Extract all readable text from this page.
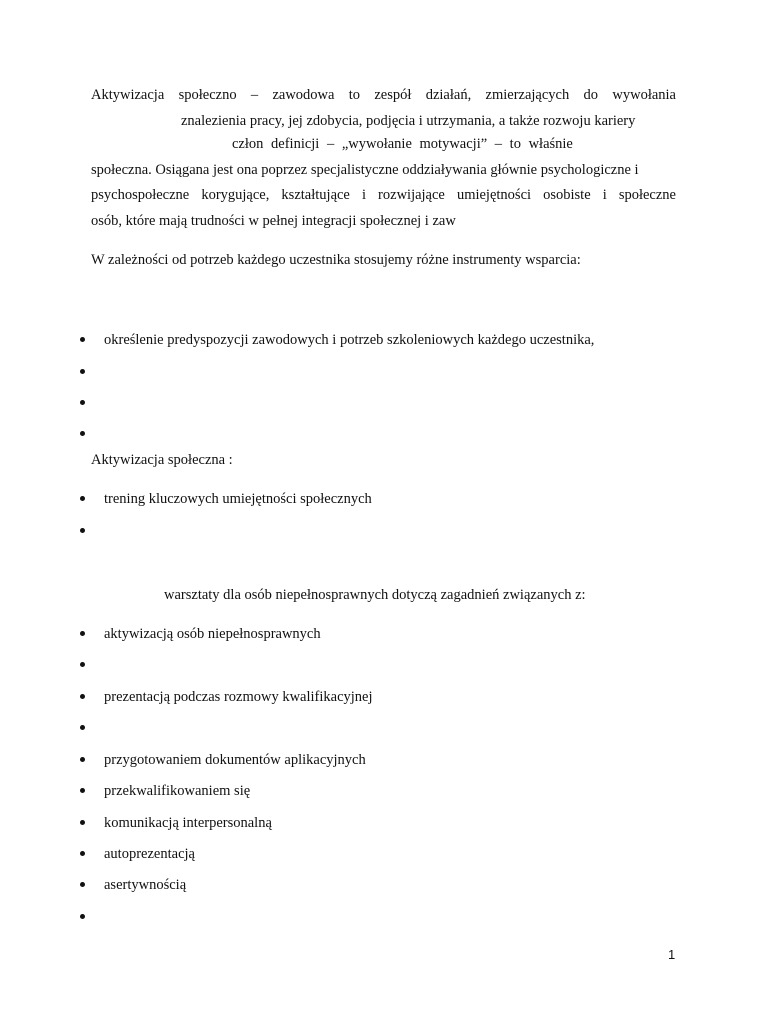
Aktywizacja społeczno – zawodowa to zespół działań, zmierzających do wywołania
znalezienia pracy, jej zdobycia, podjęcia i utrzymania, a także rozwoju kariery
człon definicji – „wywołanie motywacji” – to właśnie
społeczna. Osiągana jest ona poprzez specjalistyczne oddziaływania głównie psychologiczne i
psychospołeczne korygujące, kształtujące i rozwijające umiejętności osobiste i społeczne
osób, które mają trudności w pełnej integracji społecznej i zaw
W zależności od potrzeb każdego uczestnika stosujemy różne instrumenty wsparcia:
określenie predyspozycji zawodowych i potrzeb szkoleniowych każdego uczestnika,
Aktywizacja społeczna :
trening kluczowych umiejętności społecznych
warsztaty dla osób niepełnosprawnych dotyczą zagadnień związanych z:
aktywizacją osób niepełnosprawnych
prezentacją podczas rozmowy kwalifikacyjnej
przygotowaniem dokumentów aplikacyjnych
przekwalifikowaniem się
komunikacją interpersonalną
autoprezentacją
asertywnością
1
